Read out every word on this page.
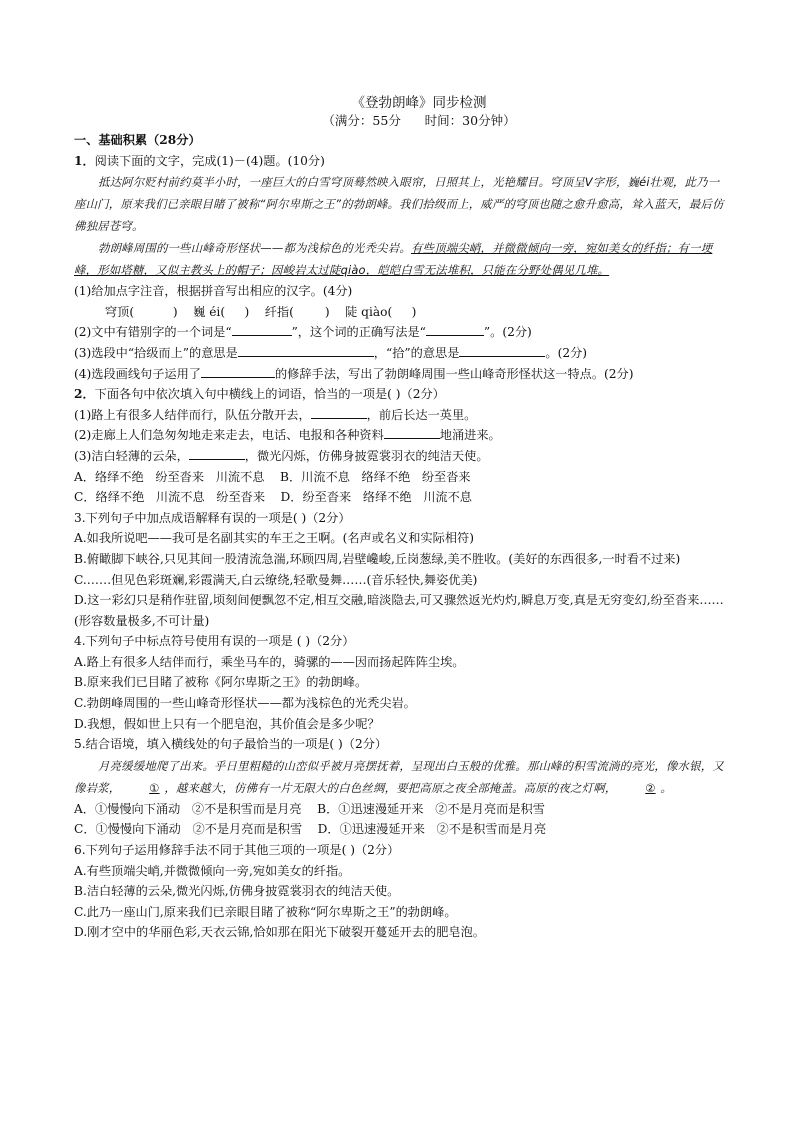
《登勃朗峰》同步检测
（满分：55分      时间：30分钟）
一、基础积累（28分）
1．阅读下面的文字，完成(1)－(4)题。(10分)
抵达阿尔贬村前约莫半小时，一座巨大的白雪穹顶蓦然映入眼帘，日照其上，光艳耀目。穹顶呈Ⅴ字形，巍éi壮观，此乃一座山门，原来我们已亲眼目睹了被称“阿尔卑斯之王”的勃朗峰。我们拾级而上，威严的穹顶也随之愈升愈高，耸入蓝天，最后仿佛独居苍穹。
勃朗峰周围的一些山峰奇形怪状——都为浅棕色的光秃尖岩。有些顶端尖峭，并微微倾向一旁，宛如美女的纤指；有一埂峰，形如塔糖，又似主教头上的帽子；因峻岩太过陡qiào，皑皑白雪无法堆积，只能在分野处偶见几堆。
(1)给加点字注音，根据拼音写出相应的汉字。(4分)
穹顶(          ) 巍 éi(     ) 纤指(        ) 陡 qiào(     )
(2)文中有错别字的一个词是“	”，这个词的正确写法是“	”。(2分)
(3)选段中“拾级而上”的意思是	，“拾”的意思是	。(2分)
(4)选段画线句子运用了	的修辞手法，写出了勃朗峰周围一些山峰奇形怪状这一特点。(2分)
2．下面各句中依次填入句中横线上的词语，恰当的一项是( )（2分）
(1)路上有很多人结伴而行，队伍分散开去，	，前后长达一英里。
(2)走廊上人们急匆匆地走来走去，电话、电报和各种资料	地涌进来。
(3)洁白轻薄的云朵，	，微光闪烁，仿佛身披霓裳羽衣的纯洁天使。
A．络绎不绝   纷至沓来   川流不息 B．川流不息   络绎不绝   纷至沓来
C．络绎不绝   川流不息   纷至沓来 D．纷至沓来   络绎不绝   川流不息
3.下列句子中加点成语解释有误的一项是( )（2分）
A.如我所说吧——我可是名副其实的车王之王啊。(名声或名义和实际相符)
B.俯瞰脚下峡谷,只见其间一股清流急湍,环顾四周,岩壁巉峻,丘岗葱绿,美不胜收。(美好的东西很多,一时看不过来)
C.……但见色彩斑斓,彩霞满天,白云缭绕,轻歌曼舞……(音乐轻快,舞姿优美)
D.这一彩幻只是稍作驻留,顷刻间便飘忽不定,相互交融,暗淡隐去,可又骤然返光灼灼,瞬息万变,真是无穷变幻,纷至沓来……(形容数量极多,不可计量)
4.下列句子中标点符号使用有误的一项是 ( )（2分）
A.路上有很多人结伴而行，乘坐马车的，骑骡的——因而扬起阵阵尘埃。
B.原来我们已目睹了被称《阿尔卑斯之王》的勃朗峰。
C.勃朗峰周围的一些山峰奇形怪状——都为浅棕色的光秃尖岩。
D.我想，假如世上只有一个肥皂泡，其价值会是多少呢？
5.结合语境，填入横线处的句子最恰当的一项是( )（2分）
月亮缓缓地爬了出来。乎日里粗糙的山峦似乎被月亮摆抚着，呈现出白玉般的优雅。那山峰的积雪流淌的亮光，像水银，又像岩浆，	① ，越来越大，仿佛有一片无限大的白色丝绸，要把高原之夜全部掩盖。高原的夜之灯啊，	② 。
A．①慢慢向下涌动   ②不是积雪而是月亮 B．①迅速漫延开来   ②不是月亮而是积雪
C．①慢慢向下涌动   ②不是月亮而是积雪 D．①迅速漫延开来   ②不是积雪而是月亮
6.下列句子运用修辞手法不同于其他三项的一项是( )（2分）
A.有些顶端尖峭,并微微倾向一旁,宛如美女的纤指。
B.洁白轻薄的云朵,微光闪烁,仿佛身披霓裳羽衣的纯洁天使。
C.此乃一座山门,原来我们已亲眼目睹了被称“阿尔卑斯之王”的勃朗峰。
D.刚才空中的华丽色彩,天衣云锦,恰如那在阳光下破裂开蔓延开去的肥皂泡。
